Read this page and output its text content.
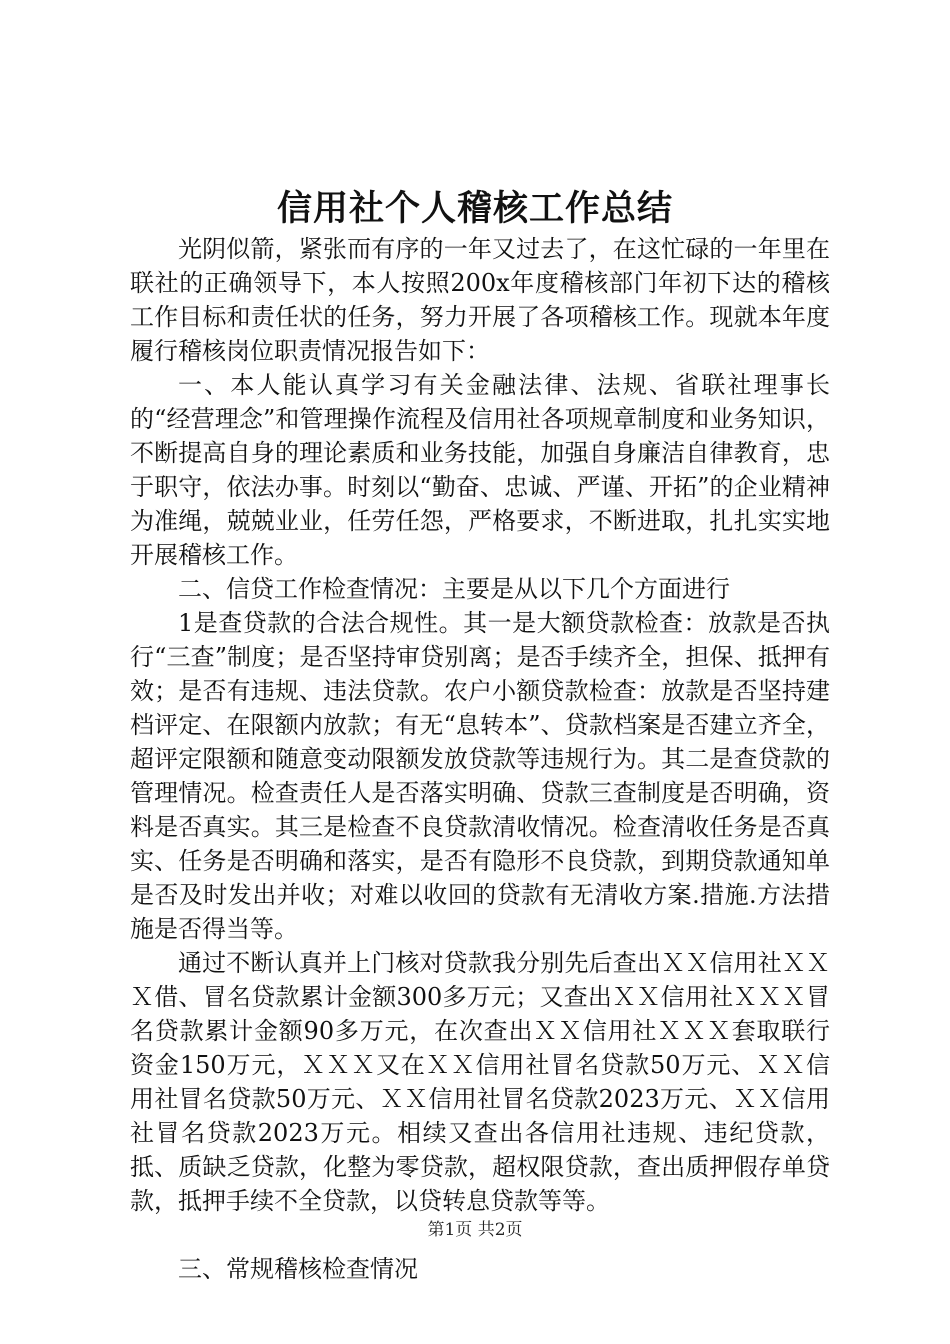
信用社个人稽核工作总结

光阴似箭，紧张而有序的一年又过去了，在这忙碌的一年里在联社的正确领导下，本人按照200x年度稽核部门年初下达的稽核工作目标和责任状的任务，努力开展了各项稽核工作。现就本年度履行稽核岗位职责情况报告如下：

一、本人能认真学习有关金融法律、法规、省联社理事长的“经营理念”和管理操作流程及信用社各项规章制度和业务知识，不断提高自身的理论素质和业务技能，加强自身廉洁自律教育，忠于职守，依法办事。时刻以“勤奋、忠诚、严谨、开拓”的企业精神为准绳，兢兢业业，任劳任怨，严格要求，不断进取，扎扎实实地开展稽核工作。

二、信贷工作检查情况：主要是从以下几个方面进行

1是查贷款的合法合规性。其一是大额贷款检查：放款是否执行“三查”制度；是否坚持审贷别离；是否手续齐全，担保、抵押有效；是否有违规、违法贷款。农户小额贷款检查：放款是否坚持建档评定、在限额内放款；有无“息转本”、贷款档案是否建立齐全，超评定限额和随意变动限额发放贷款等违规行为。其二是查贷款的管理情况。检查责任人是否落实明确、贷款三查制度是否明确，资料是否真实。其三是检查不良贷款清收情况。检查清收任务是否真实、任务是否明确和落实，是否有隐形不良贷款，到期贷款通知单是否及时发出并收；对难以收回的贷款有无清收方案.措施.方法措施是否得当等。

通过不断认真并上门核对贷款我分别先后查出ＸＸ信用社ＸＸＸ借、冒名贷款累计金额300多万元；又查出ＸＸ信用社ＸＸＸ冒名贷款累计金额90多万元，在次查出ＸＸ信用社ＸＸＸ套取联行资金150万元，ＸＸＸ又在ＸＸ信用社冒名贷款50万元、ＸＸ信用社冒名贷款50万元、ＸＸ信用社冒名贷款2023万元、ＸＸ信用社冒名贷款2023万元。相续又查出各信用社违规、违纪贷款，抵、质缺乏贷款，化整为零贷款，超权限贷款，查出质押假存单贷款，抵押手续不全贷款，以贷转息贷款等等。

三、常规稽核检查情况

第1页 共2页
